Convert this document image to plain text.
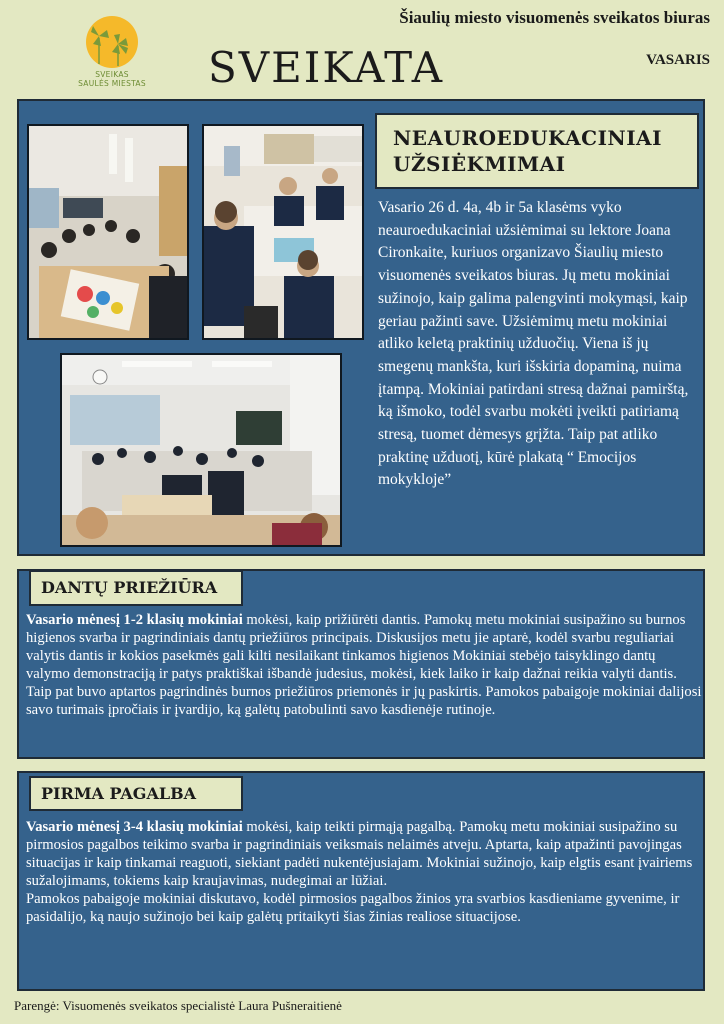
SVEIKAS
SAULĖS MIESTAS
Šiaulių miesto visuomenės sveikatos biuras
SVEIKATA	VASARIS
NEAUROEDUKACINIAI UŽSIĖKMIMAI
Vasario 26 d. 4a, 4b ir 5a klasėms vyko neauroedukaciniai užsiėmimai su lektore Joana Cironkaite, kuriuos organizavo Šiaulių miesto visuomenės sveikatos biuras. Jų metu mokiniai sužinojo, kaip galima palengvinti mokymąsi, kaip geriau pažinti save. Užsiėmimų metu mokiniai atliko keletą praktinių užduočių. Viena iš jų smegenų mankšta, kuri išskiria dopaminą, nuima įtampą. Mokiniai patirdani stresą dažnai pamirštą, ką išmoko, todėl svarbu mokėti įveikti patiriamą stresą, tuomet dėmesys grįžta. Taip pat atliko praktinę užduotį, kūrė plakatą “ Emocijos mokykloje”
DANTŲ PRIEŽIŪRA
Vasario mėnesį 1-2 klasių mokiniai mokėsi, kaip prižiūrėti dantis. Pamokų metu mokiniai susipažino su burnos higienos svarba ir pagrindiniais dantų priežiūros principais. Diskusijos metu jie aptarė, kodėl svarbu reguliariai valytis dantis ir kokios pasekmės gali kilti nesilaikant tinkamos higienos Mokiniai stebėjo taisyklingo dantų valymo demonstraciją ir patys praktiškai išbandė judesius, mokėsi, kiek laiko ir kaip dažnai reikia valyti dantis. Taip pat buvo aptartos pagrindinės burnos priežiūros priemonės ir jų paskirtis. Pamokos pabaigoje mokiniai dalijosi savo turimais įpročiais ir įvardijo, ką galėtų patobulinti savo kasdienėje rutinoje.
PIRMA PAGALBA
Vasario mėnesį 3-4 klasių mokiniai mokėsi, kaip teikti pirmąją pagalbą. Pamokų metu mokiniai susipažino su pirmosios pagalbos teikimo svarba ir pagrindiniais veiksmais nelaimės atveju. Aptarta, kaip atpažinti pavojingas situacijas ir kaip tinkamai reaguoti, siekiant padėti nukentėjusiajam. Mokiniai sužinojo, kaip elgtis esant įvairiems sužalojimams, tokiems kaip kraujavimas, nudegimai ar lūžiai.
Pamokos pabaigoje mokiniai diskutavo, kodėl pirmosios pagalbos žinios yra svarbios kasdieniame gyvenime, ir pasidalijo, ką naujo sužinojo bei kaip galėtų pritaikyti šias žinias realiose situacijose.
Parengė: Visuomenės sveikatos specialistė Laura Pušneraitienė
